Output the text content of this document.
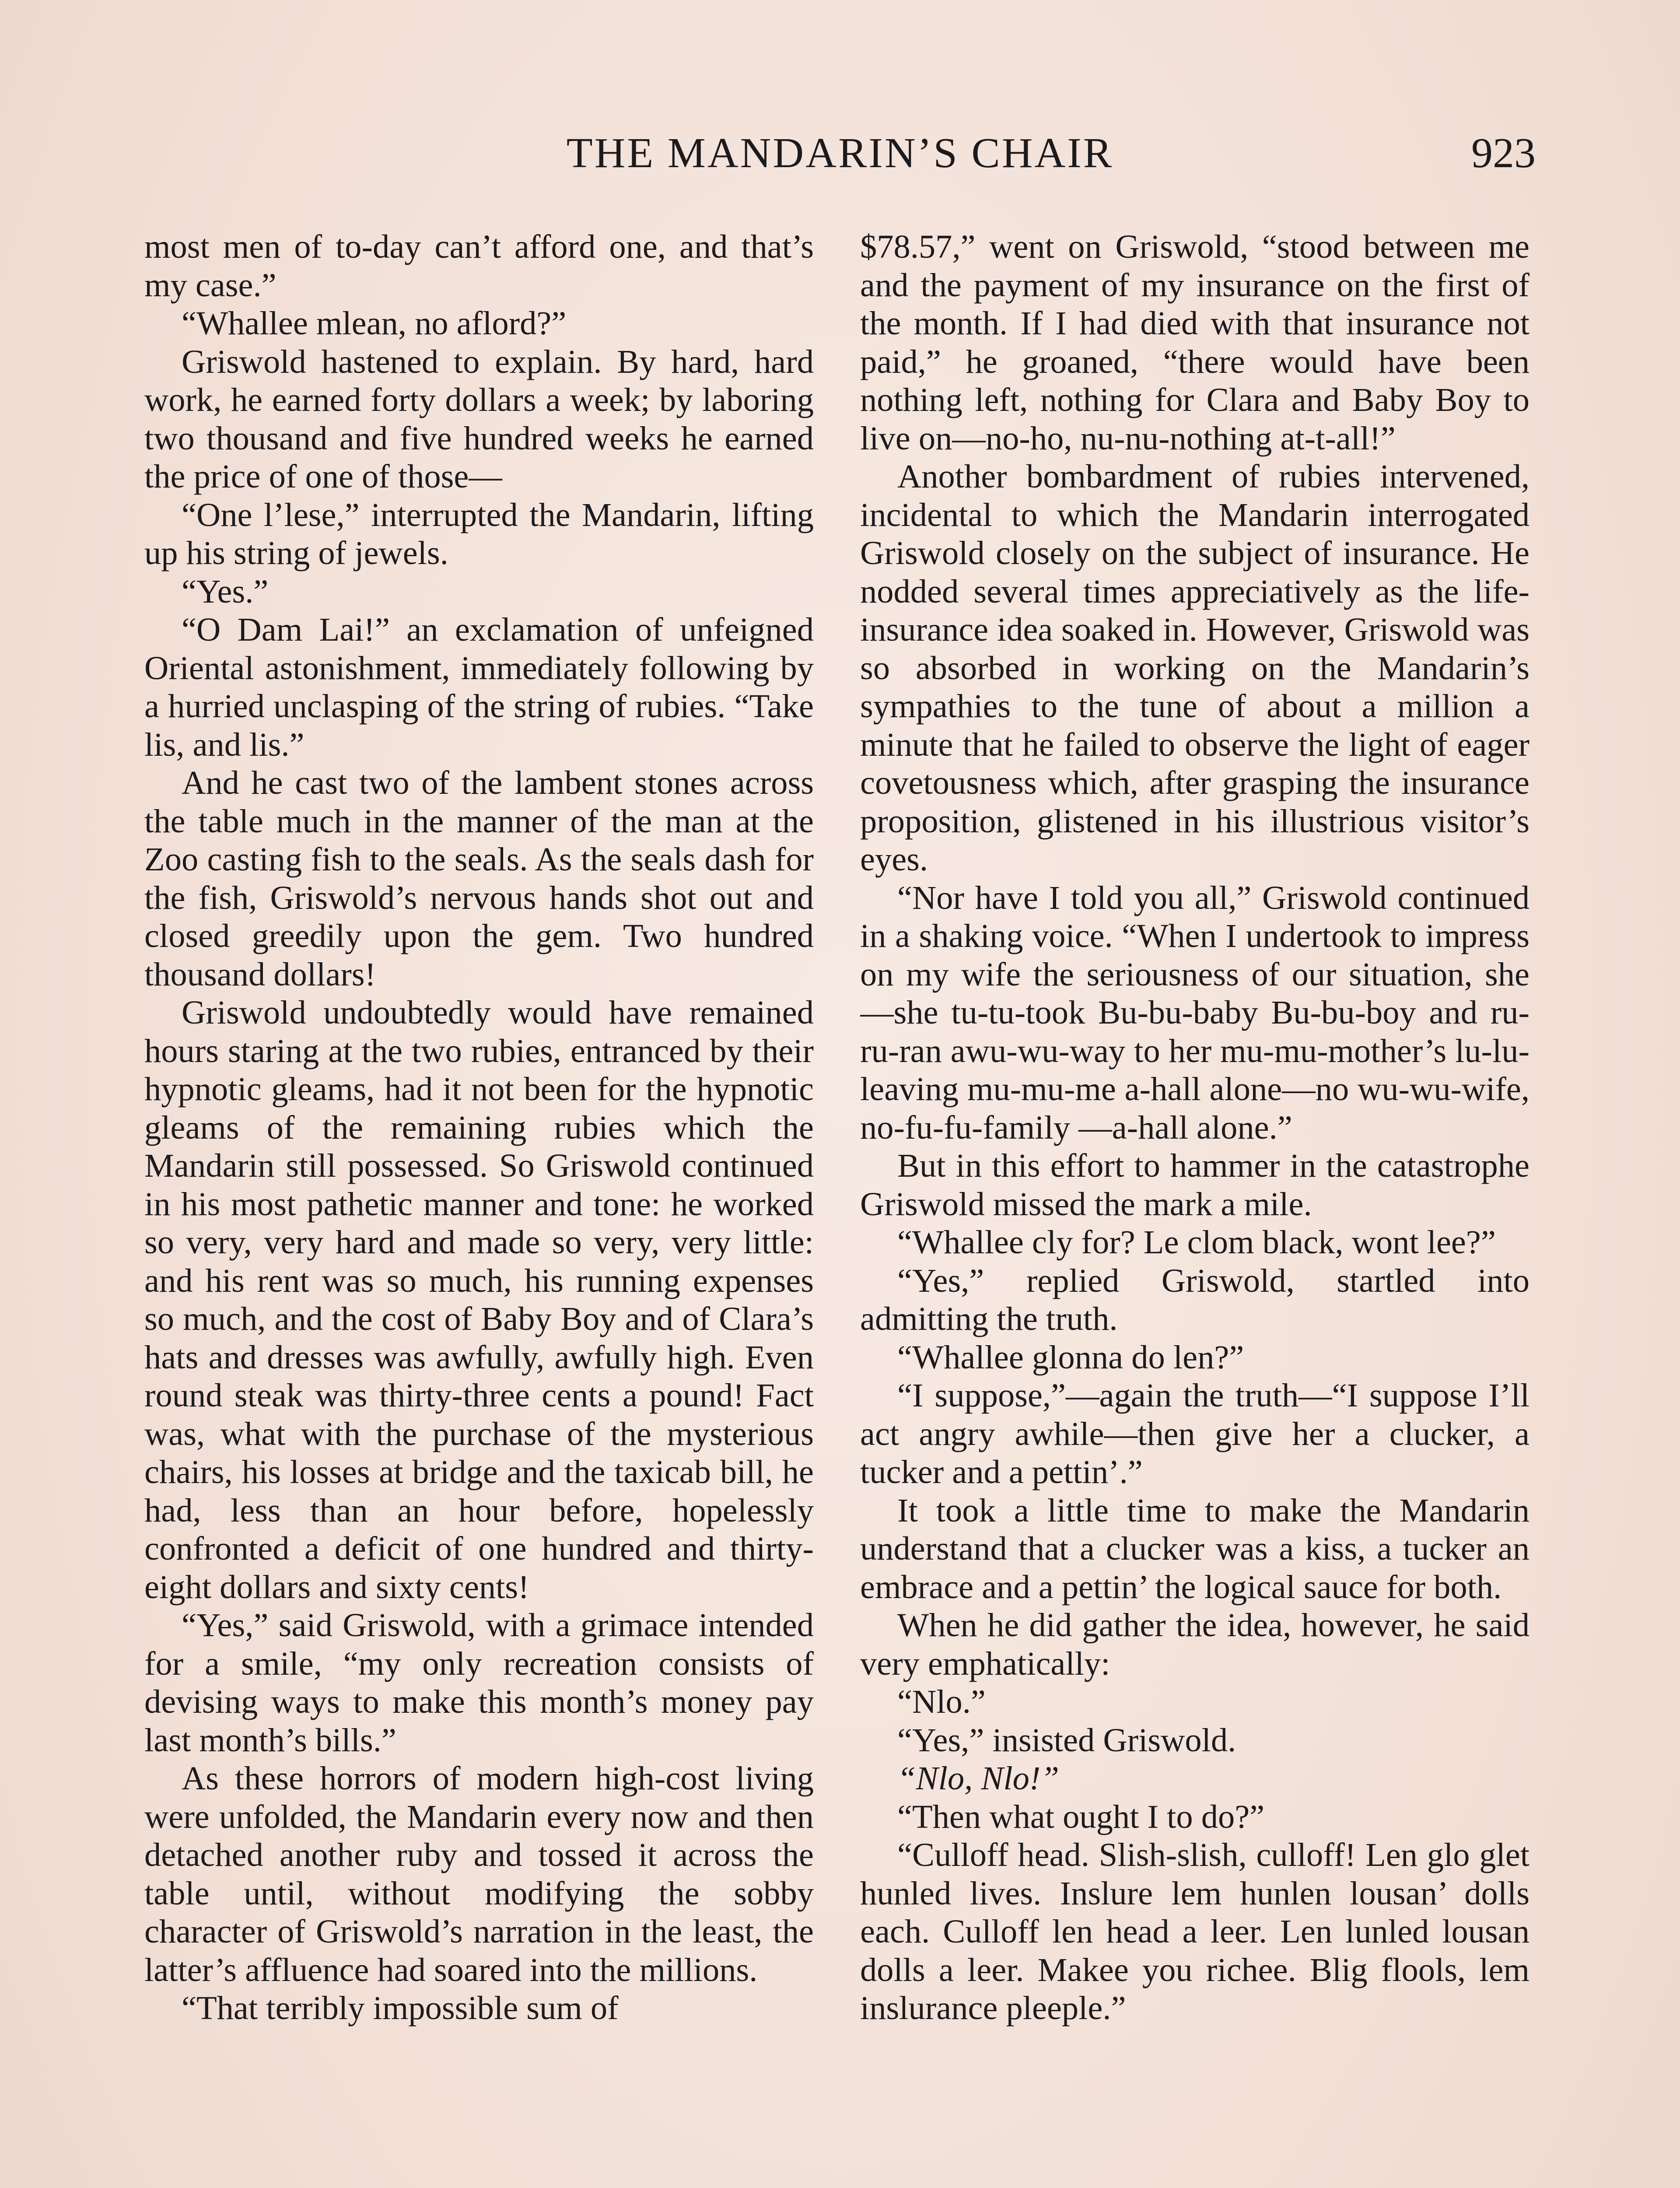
THE MANDARIN’S CHAIR	923

most men of to-day can’t afford one, and that’s my case.”

“Whallee mlean, no aflord?”

Griswold hastened to explain. By hard, hard work, he earned forty dollars a week; by laboring two thousand and five hundred weeks he earned the price of one of those—

“One l’lese,” interrupted the Mandarin, lifting up his string of jewels.

“Yes.”

“O Dam Lai!” an exclamation of unfeigned Oriental astonishment, immediately following by a hurried unclasping of the string of rubies. “Take lis, and lis.”

And he cast two of the lambent stones across the table much in the manner of the man at the Zoo casting fish to the seals. As the seals dash for the fish, Griswold’s nervous hands shot out and closed greedily upon the gem. Two hundred thousand dollars!

Griswold undoubtedly would have remained hours staring at the two rubies, entranced by their hypnotic gleams, had it not been for the hypnotic gleams of the remaining rubies which the Mandarin still possessed. So Griswold continued in his most pathetic manner and tone: he worked so very, very hard and made so very, very little: and his rent was so much, his running expenses so much, and the cost of Baby Boy and of Clara’s hats and dresses was awfully, awfully high. Even round steak was thirty-three cents a pound! Fact was, what with the purchase of the mysterious chairs, his losses at bridge and the taxicab bill, he had, less than an hour before, hopelessly confronted a deficit of one hundred and thirty-eight dollars and sixty cents!

“Yes,” said Griswold, with a grimace intended for a smile, “my only recreation consists of devising ways to make this month’s money pay last month’s bills.”

As these horrors of modern high-cost living were unfolded, the Mandarin every now and then detached another ruby and tossed it across the table until, without modifying the sobby character of Griswold’s narration in the least, the latter’s affluence had soared into the millions.

“That terribly impossible sum of

$78.57,” went on Griswold, “stood between me and the payment of my insurance on the first of the month. If I had died with that insurance not paid,” he groaned, “there would have been nothing left, nothing for Clara and Baby Boy to live on—no-ho, nu-nu-nothing at-t-all!”

Another bombardment of rubies intervened, incidental to which the Mandarin interrogated Griswold closely on the subject of insurance. He nodded several times appreciatively as the life-insurance idea soaked in. However, Griswold was so absorbed in working on the Mandarin’s sympathies to the tune of about a million a minute that he failed to observe the light of eager covetousness which, after grasping the insurance proposition, glistened in his illustrious visitor’s eyes.

“Nor have I told you all,” Griswold continued in a shaking voice. “When I undertook to impress on my wife the seriousness of our situation, she—she tu-tu-took Bu-bu-baby Bu-bu-boy and ru-ru-ran awu-wu-way to her mu-mu-mother’s lu-lu-leaving mu-mu-me a-hall alone—no wu-wu-wife, no-fu-fu-family —a-hall alone.”

But in this effort to hammer in the catastrophe Griswold missed the mark a mile.

“Whallee cly for? Le clom black, wont lee?”

“Yes,” replied Griswold, startled into admitting the truth.

“Whallee glonna do len?”

“I suppose,”—again the truth—“I suppose I’ll act angry awhile—then give her a clucker, a tucker and a pettin’.”

It took a little time to make the Mandarin understand that a clucker was a kiss, a tucker an embrace and a pettin’ the logical sauce for both.

When he did gather the idea, however, he said very emphatically:

“Nlo.”

“Yes,” insisted Griswold.

“Nlo, Nlo!”

“Then what ought I to do?”

“Culloff head. Slish-slish, culloff! Len glo glet hunled lives. Inslure lem hunlen lousan’ dolls each. Culloff len head a leer. Len lunled lousan dolls a leer. Makee you richee. Blig flools, lem inslurance pleeple.”
